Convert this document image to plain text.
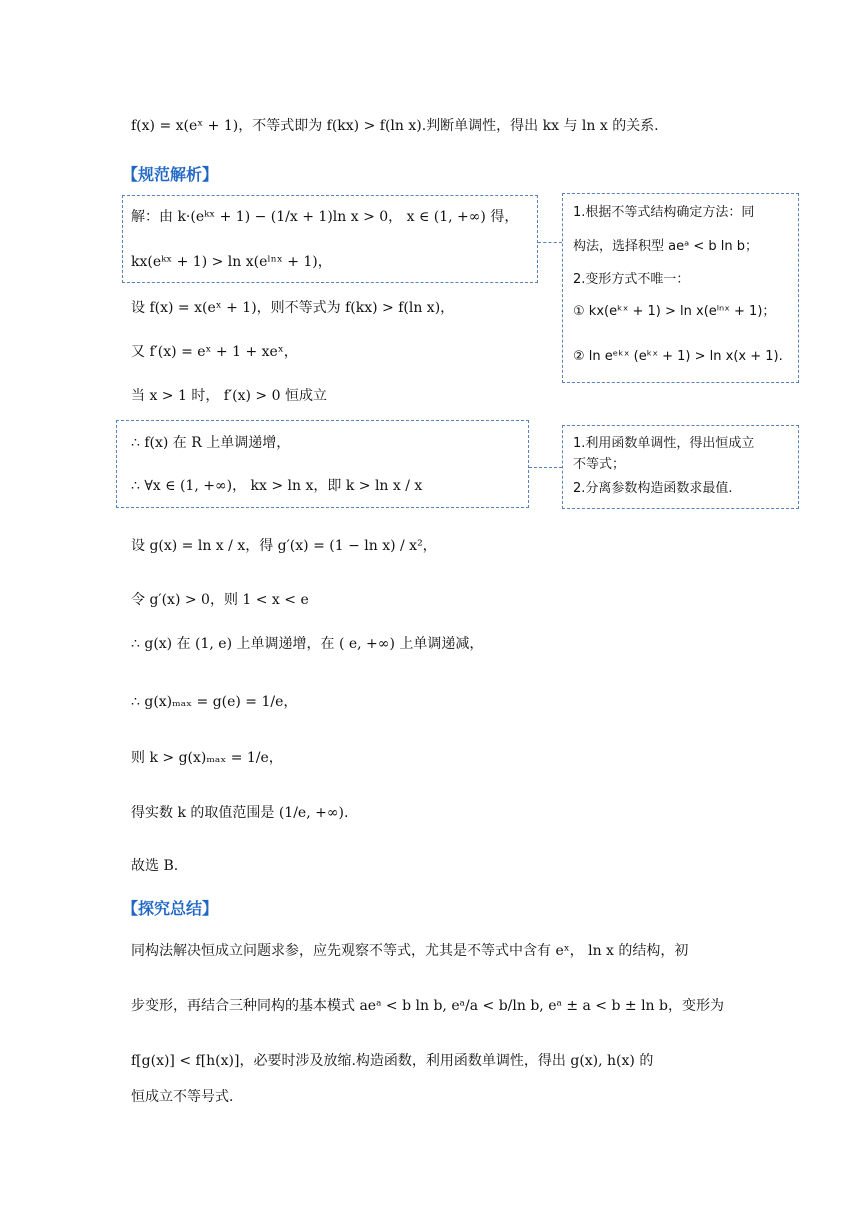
f(x) = x(eˣ + 1)，不等式即为 f(kx) > f(ln x).判断单调性，得出 kx 与 ln x 的关系.
【规范解析】
解：由 k·(eᵏˣ + 1) − (1/x + 1)ln x > 0， x ∈ (1, +∞) 得，
kx(eᵏˣ + 1) > ln x(eˡⁿˣ + 1)，
1.根据不等式结构确定方法：同
构法，选择积型 aeᵃ < b ln b；
2.变形方式不唯一：
① kx(eᵏˣ + 1) > ln x(eˡⁿˣ + 1)；
② ln eᵉᵏˣ (eᵏˣ + 1) > ln x(x + 1).
设 f(x) = x(eˣ + 1)，则不等式为 f(kx) > f(ln x)，
又 f′(x) = eˣ + 1 + xeˣ，
当 x > 1 时， f′(x) > 0 恒成立
∴ f(x) 在 R 上单调递增，
∴ ∀x ∈ (1, +∞)， kx > ln x，即 k > ln x / x
1.利用函数单调性，得出恒成立
不等式；
2.分离参数构造函数求最值.
设 g(x) = ln x / x，得 g′(x) = (1 − ln x) / x²，
令 g′(x) > 0，则 1 < x < e
∴ g(x) 在 (1, e) 上单调递增，在 ( e, +∞) 上单调递减，
∴ g(x)ₘₐₓ = g(e) = 1/e，
则 k > g(x)ₘₐₓ = 1/e，
得实数 k 的取值范围是 (1/e, +∞).
故选 B.
【探究总结】
同构法解决恒成立问题求参，应先观察不等式，尤其是不等式中含有 eˣ， ln x 的结构，初
步变形，再结合三种同构的基本模式 aeᵃ < b ln b, eᵃ/a < b/ln b, eᵃ ± a < b ± ln b，变形为
f[g(x)] < f[h(x)]，必要时涉及放缩.构造函数，利用函数单调性，得出 g(x), h(x) 的
恒成立不等号式.
